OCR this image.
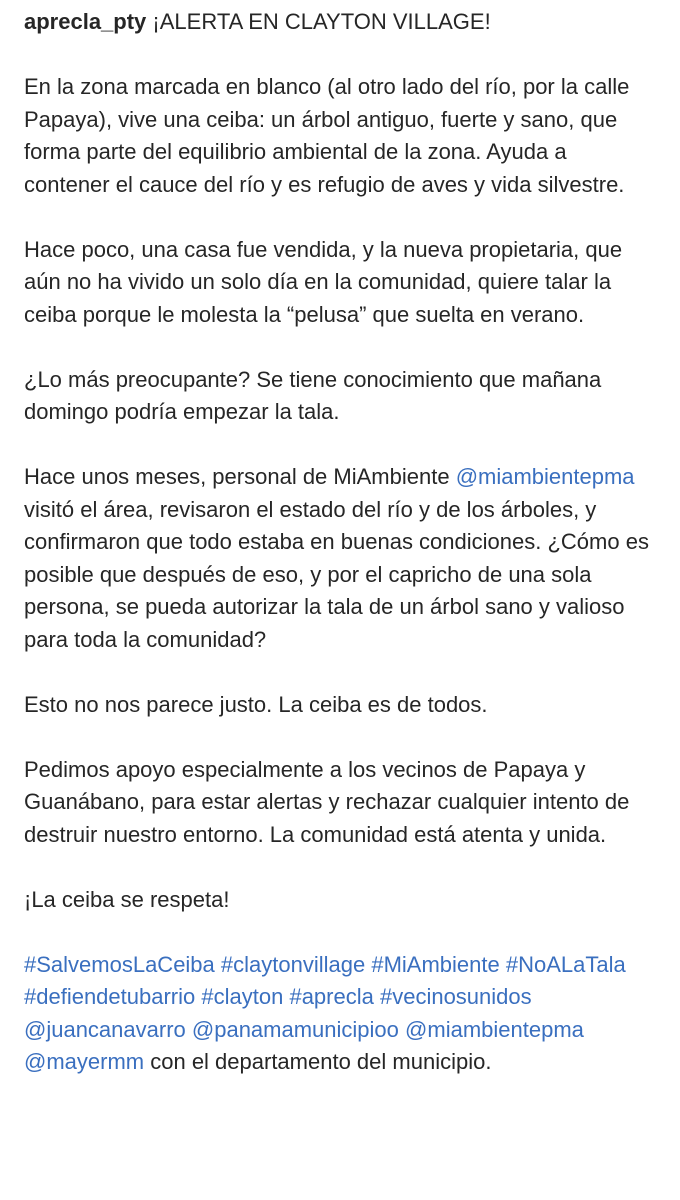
aprecla_pty ¡ALERTA EN CLAYTON VILLAGE!
En la zona marcada en blanco (al otro lado del río, por la calle Papaya), vive una ceiba: un árbol antiguo, fuerte y sano, que forma parte del equilibrio ambiental de la zona. Ayuda a contener el cauce del río y es refugio de aves y vida silvestre.
Hace poco, una casa fue vendida, y la nueva propietaria, que aún no ha vivido un solo día en la comunidad, quiere talar la ceiba porque le molesta la “pelusa” que suelta en verano.
¿Lo más preocupante? Se tiene conocimiento que mañana domingo podría empezar la tala.
Hace unos meses, personal de MiAmbiente @miambientepma visitó el área, revisaron el estado del río y de los árboles, y confirmaron que todo estaba en buenas condiciones. ¿Cómo es posible que después de eso, y por el capricho de una sola persona, se pueda autorizar la tala de un árbol sano y valioso para toda la comunidad?
Esto no nos parece justo. La ceiba es de todos.
Pedimos apoyo especialmente a los vecinos de Papaya y Guanábano, para estar alertas y rechazar cualquier intento de destruir nuestro entorno. La comunidad está atenta y unida.
¡La ceiba se respeta!
#SalvemosLaCeiba #claytonvillage #MiAmbiente #NoALaTala #defiendetubarrio #clayton #aprecla #vecinosunidos @juancanavarro @panamamunicipioo @miambientepma @mayermm con el departamento del municipio.
